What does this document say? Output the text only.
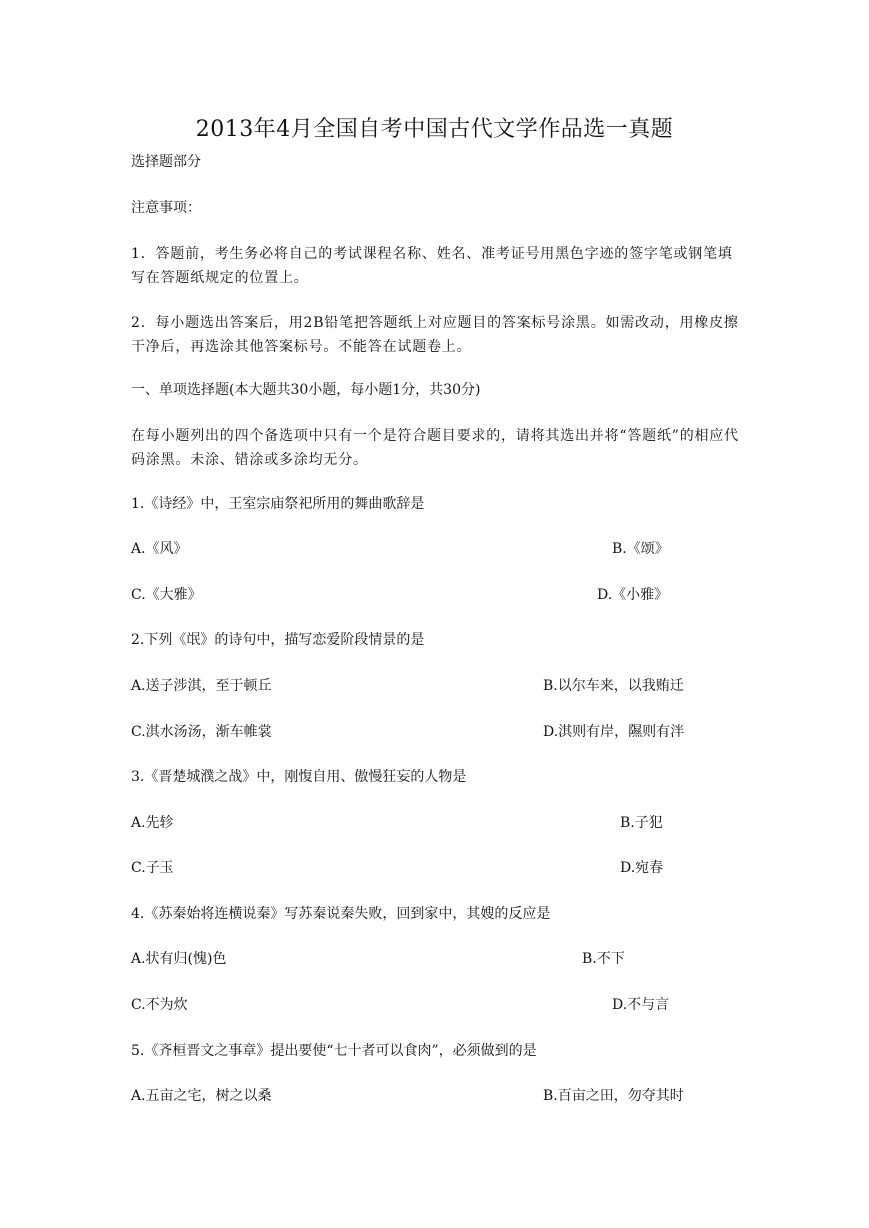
2013年4月全国自考中国古代文学作品选一真题
选择题部分
注意事项：
1．答题前，考生务必将自己的考试课程名称、姓名、准考证号用黑色字迹的签字笔或钢笔填写在答题纸规定的位置上。
2．每小题选出答案后，用2B铅笔把答题纸上对应题目的答案标号涂黑。如需改动，用橡皮擦干净后，再选涂其他答案标号。不能答在试题卷上。
一、单项选择题(本大题共30小题，每小题1分，共30分)
在每小题列出的四个备选项中只有一个是符合题目要求的，请将其选出并将“答题纸”的相应代码涂黑。未涂、错涂或多涂均无分。
1.《诗经》中，王室宗庙祭祀所用的舞曲歌辞是
A.《风》	B.《颂》
C.《大雅》	D.《小雅》
2.下列《氓》的诗句中，描写恋爱阶段情景的是
A.送子涉淇，至于顿丘	B.以尔车来，以我贿迁
C.淇水汤汤，渐车帷裳	D.淇则有岸，隰则有泮
3.《晋楚城濮之战》中，刚愎自用、傲慢狂妄的人物是
A.先轸	B.子犯
C.子玉	D.宛春
4.《苏秦始将连横说秦》写苏秦说秦失败，回到家中，其嫂的反应是
A.状有归(愧)色	B.不下
C.不为炊	D.不与言
5.《齐桓晋文之事章》提出要使“七十者可以食肉”，必须做到的是
A.五亩之宅，树之以桑	B.百亩之田，勿夺其时
